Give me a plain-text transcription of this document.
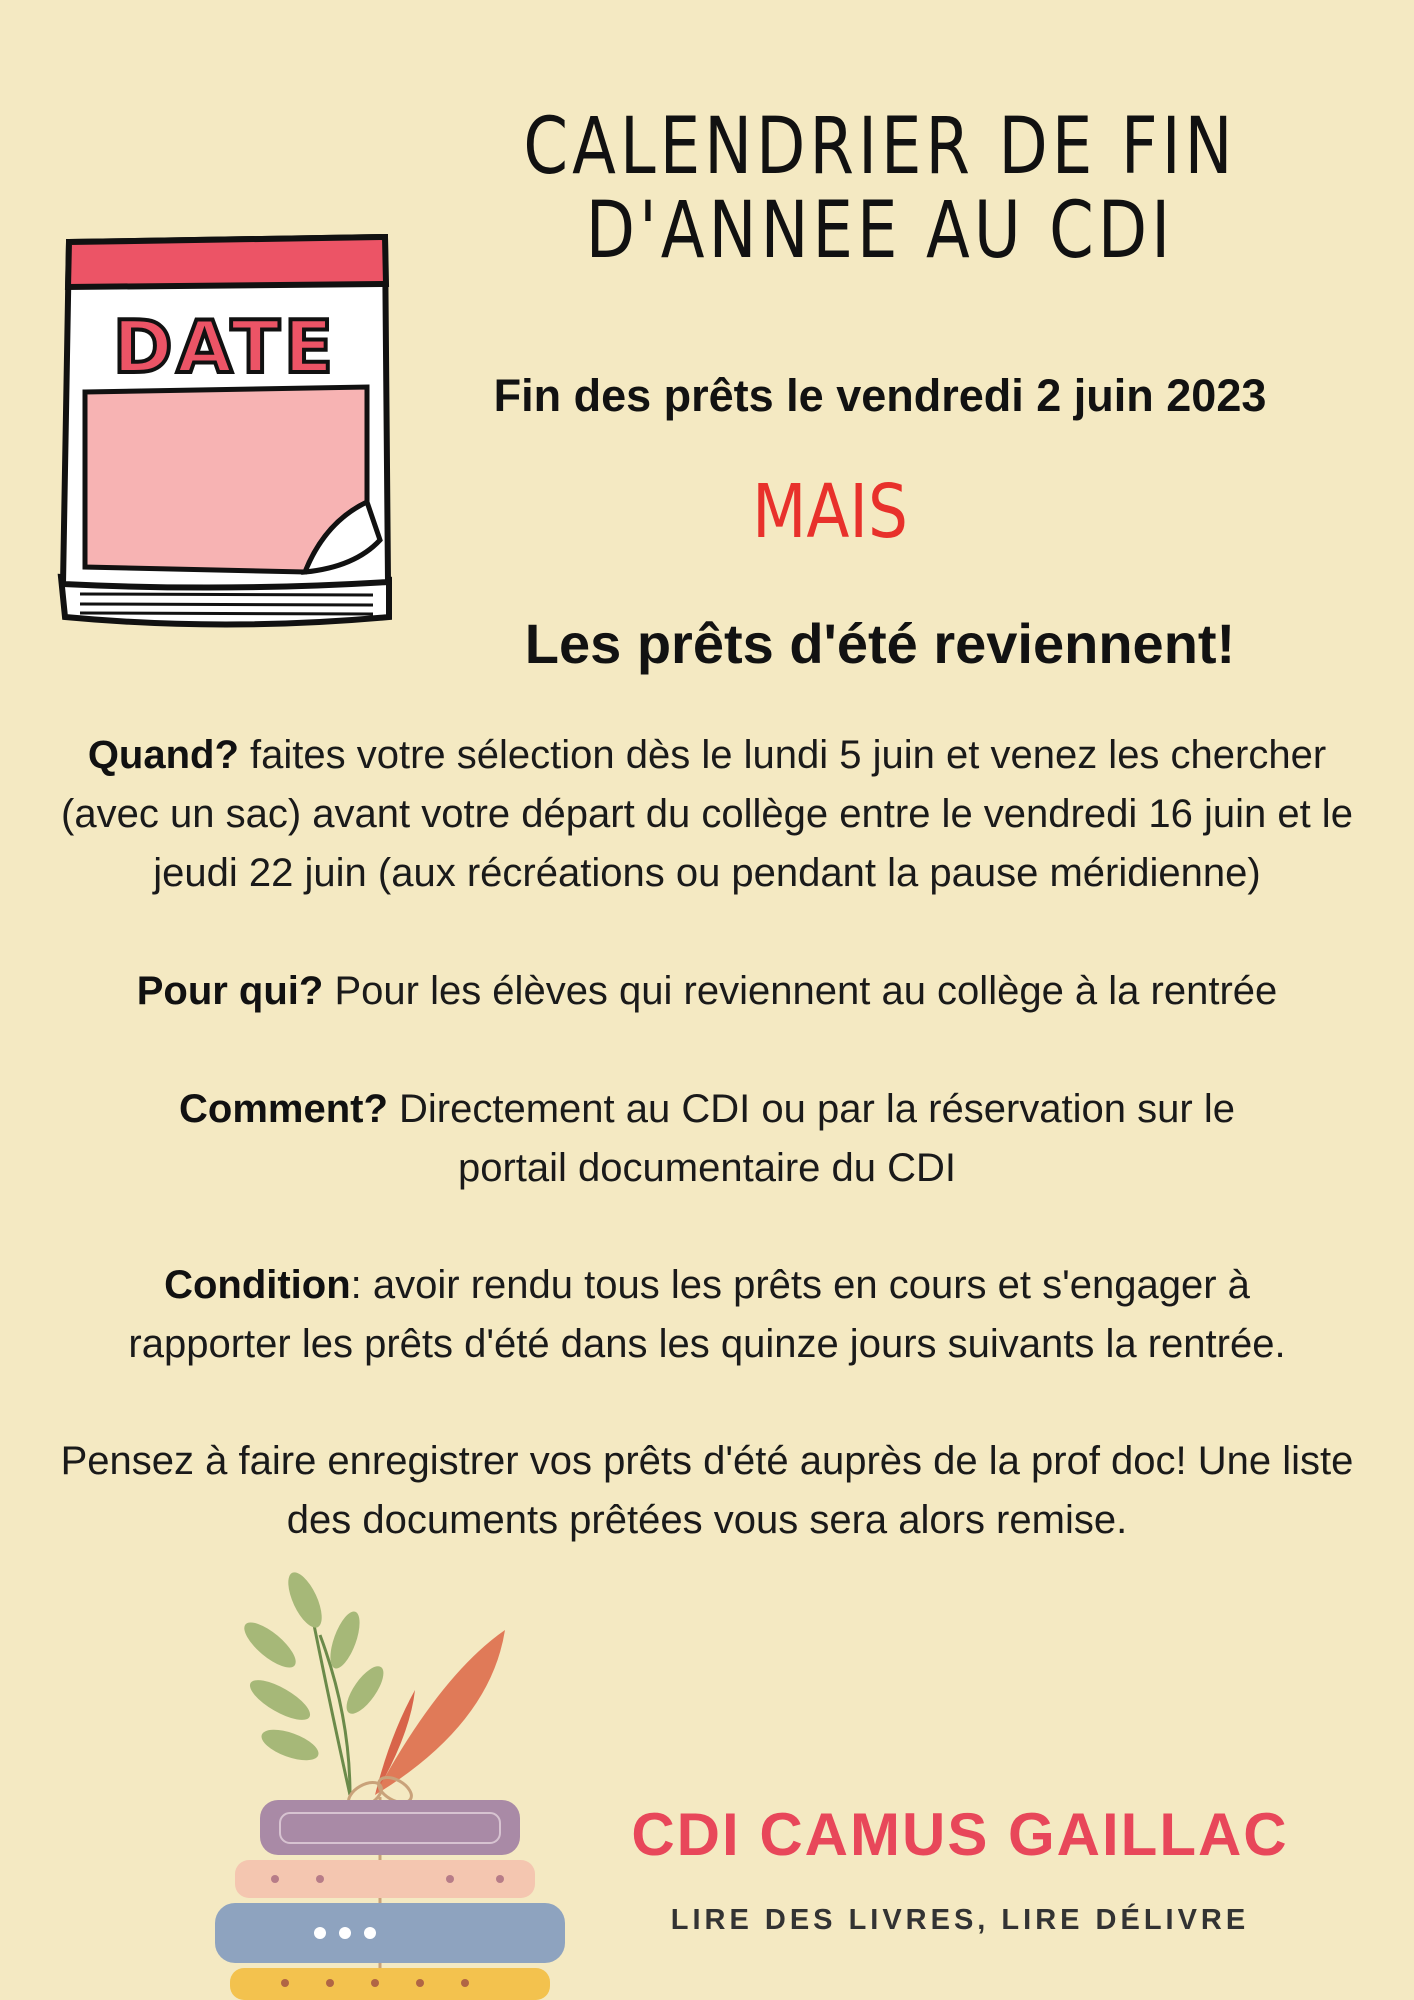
DATE
CALENDRIER DE FIN
D'ANNEE AU CDI

Fin des prêts le vendredi 2 juin 2023

MAIS

Les prêts d'été reviennent!

Quand? faites votre sélection dès le lundi 5 juin et venez les chercher (avec un sac) avant votre départ du collège entre le vendredi 16 juin et le jeudi 22 juin (aux récréations ou pendant la pause méridienne)

Pour qui? Pour les élèves qui reviennent au collège à la rentrée

Comment? Directement au CDI ou par la réservation sur le portail documentaire du CDI

Condition: avoir rendu tous les prêts en cours et s'engager à rapporter les prêts d'été dans les quinze jours suivants la rentrée.

Pensez à faire enregistrer vos prêts d'été auprès de la prof doc! Une liste des documents prêtées vous sera alors remise.

CDI CAMUS GAILLAC

LIRE DES LIVRES, LIRE DÉLIVRE
